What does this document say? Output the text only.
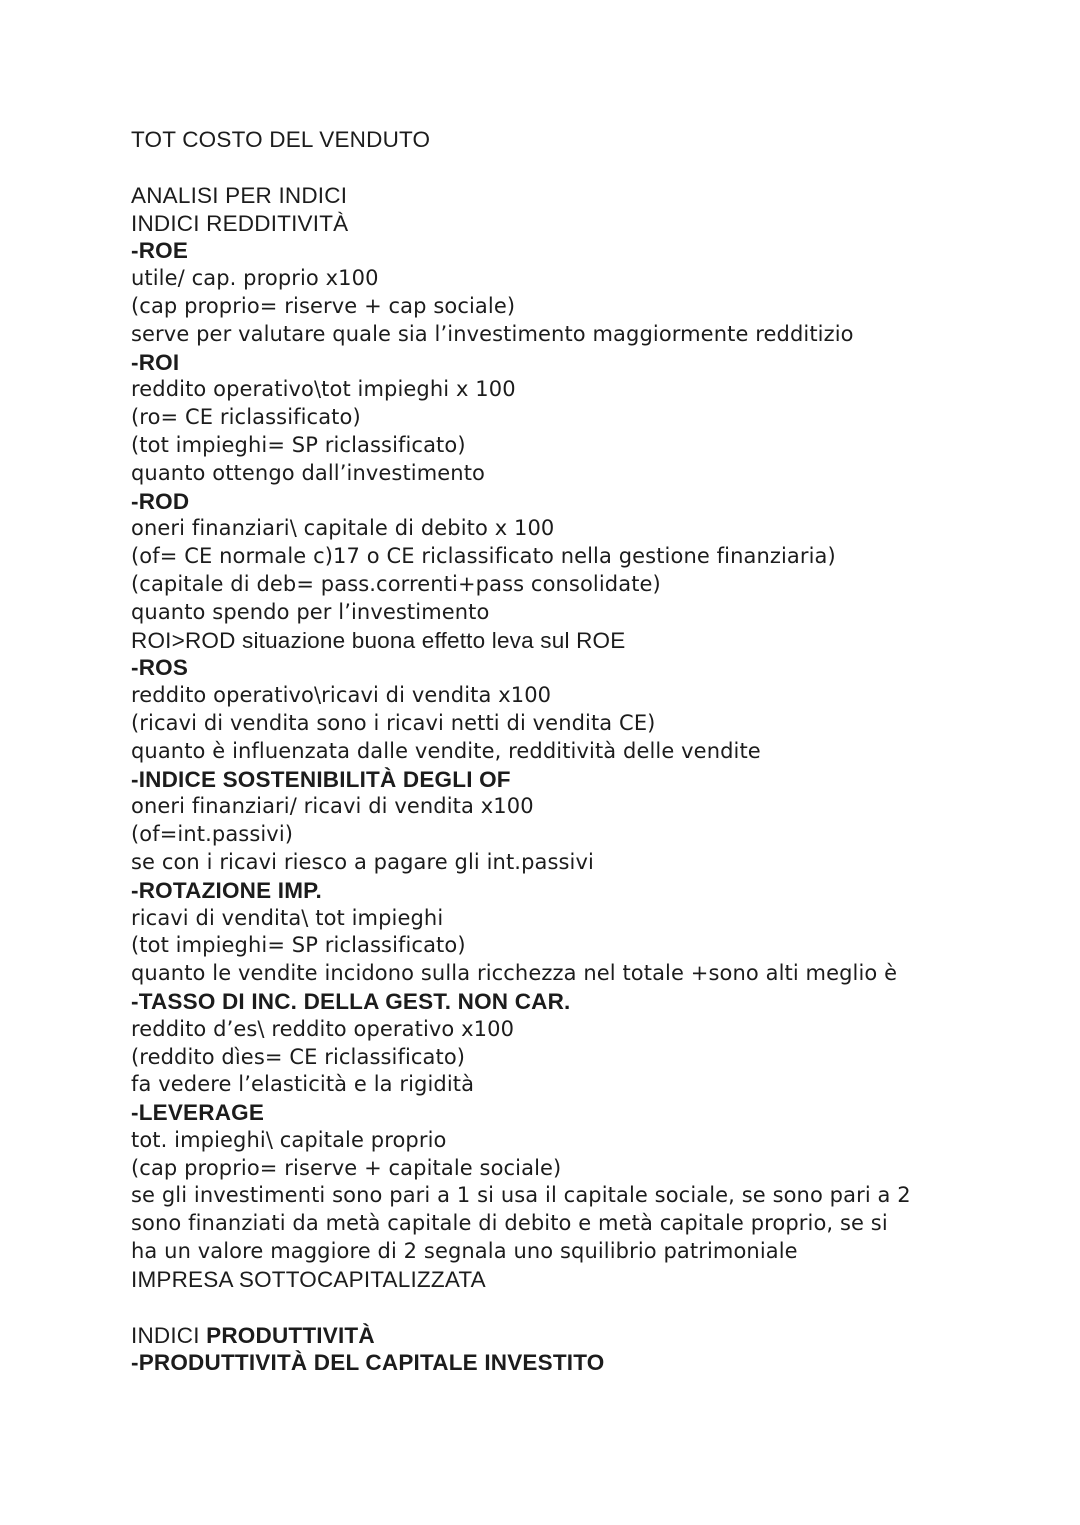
TOT COSTO DEL VENDUTO
ANALISI PER INDICI
INDICI REDDITIVITÀ
-ROE
utile/ cap. proprio x100
(cap proprio= riserve + cap sociale)
serve per valutare quale sia l’investimento maggiormente redditizio
-ROI
reddito operativo\tot impieghi x 100
(ro= CE riclassificato)
(tot impieghi= SP riclassificato)
quanto ottengo dall’investimento
-ROD
oneri finanziari\ capitale di debito x 100
(of= CE normale c)17 o CE riclassificato nella gestione finanziaria)
(capitale di deb= pass.correnti+pass consolidate)
quanto spendo per l’investimento
ROI>ROD situazione buona effetto leva sul ROE
-ROS
reddito operativo\ricavi di vendita x100
(ricavi di vendita sono i ricavi netti di vendita CE)
quanto è influenzata dalle vendite, redditività delle vendite
-INDICE SOSTENIBILITÀ DEGLI OF
oneri finanziari/ ricavi di vendita x100
(of=int.passivi)
se con i ricavi riesco a pagare gli int.passivi
-ROTAZIONE IMP.
ricavi di vendita\ tot impieghi
(tot impieghi= SP riclassificato)
quanto le vendite incidono sulla ricchezza nel totale +sono alti meglio è
-TASSO DI INC. DELLA GEST. NON CAR.
reddito d’es\ reddito operativo x100
(reddito dìes= CE riclassificato)
fa vedere l’elasticità e la rigidità
-LEVERAGE
tot. impieghi\ capitale proprio
(cap proprio= riserve + capitale sociale)
se gli investimenti sono pari a 1 si usa il capitale sociale, se sono pari a 2
sono finanziati da metà capitale di debito e metà capitale proprio, se si
ha un valore maggiore di 2 segnala uno squilibrio patrimoniale
IMPRESA SOTTOCAPITALIZZATA
INDICI PRODUTTIVITÀ
-PRODUTTIVITÀ DEL CAPITALE INVESTITO
